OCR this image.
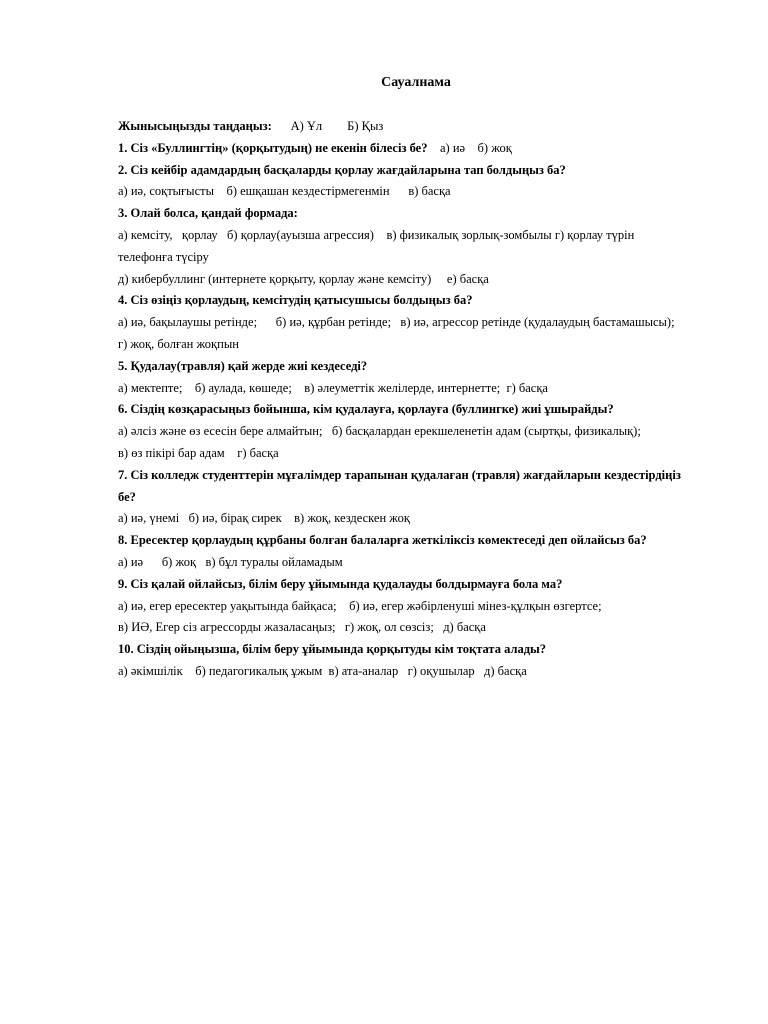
Сауалнама
Жынысыңызды таңдаңыз:      А) Ұл        Б) Қыз
1. Сіз «Буллингтің» (қорқытудың) не екенін білесіз бе?    а) иә    б) жоқ
2. Сіз кейбір адамдардың басқаларды қорлау жағдайларына тап болдыңыз ба?
а) иә, соқтығысты    б) ешқашан кездестірмегенмін      в) басқа
3. Олай болса, қандай формада:
а) кемсіту,   қорлау   б) қорлау(ауызша агрессия)    в) физикалық зорлық-зомбылы г) қорлау түрін
телефонға түсіру
д) кибербуллинг (интернете қорқыту, қорлау және кемсіту)     е) басқа
4. Сіз өзіңіз қорлаудың, кемсітудің қатысушысы болдыңыз ба?
а) иә, бақылаушы ретінде;      б) иә, құрбан ретінде;   в) иә, агрессор ретінде (қудалаудың бастамашысы);
г) жоқ, болған жоқпын
5. Қудалау(травля) қай жерде жиі кездеседі?
а) мектепте;    б) аулада, көшеде;    в) әлеуметтік желілерде, интернетте;  г) басқа
6. Сіздің көзқарасыңыз бойынша, кім қудалауға, қорлауға (буллингке) жиі ұшырайды?
а) әлсіз және өз есесін бере алмайтын;   б) басқалардан ерекшеленетін адам (сыртқы, физикалық);
в) өз пікірі бар адам    г) басқа
7. Сіз колледж студенттерін мұғалімдер тарапынан қудалаған (травля) жағдайларын кездестірдіңіз
бе?
а) иә, үнемі   б) иә, бірақ сирек    в) жоқ, кездескен жоқ
8. Ересектер қорлаудың құрбаны болған балаларға жеткіліксіз көмектеседі деп ойлайсыз ба?
а) иә      б) жоқ   в) бұл туралы ойламадым
9. Сіз қалай ойлайсыз, білім беру ұйымында қудалауды болдырмауға бола ма?
а) иә, егер ересектер уақытында байқаса;    б) иә, егер жәбірленуші мінез-құлқын өзгертсе;
в) ИӘ, Егер сіз агрессорды жазаласаңыз;   г) жоқ, ол сөзсіз;   д) басқа
10. Сіздің ойыңызша, білім беру ұйымында қорқытуды кім тоқтата алады?
а) әкімшілік    б) педагогикалық ұжым  в) ата-аналар   г) оқушылар   д) басқа
